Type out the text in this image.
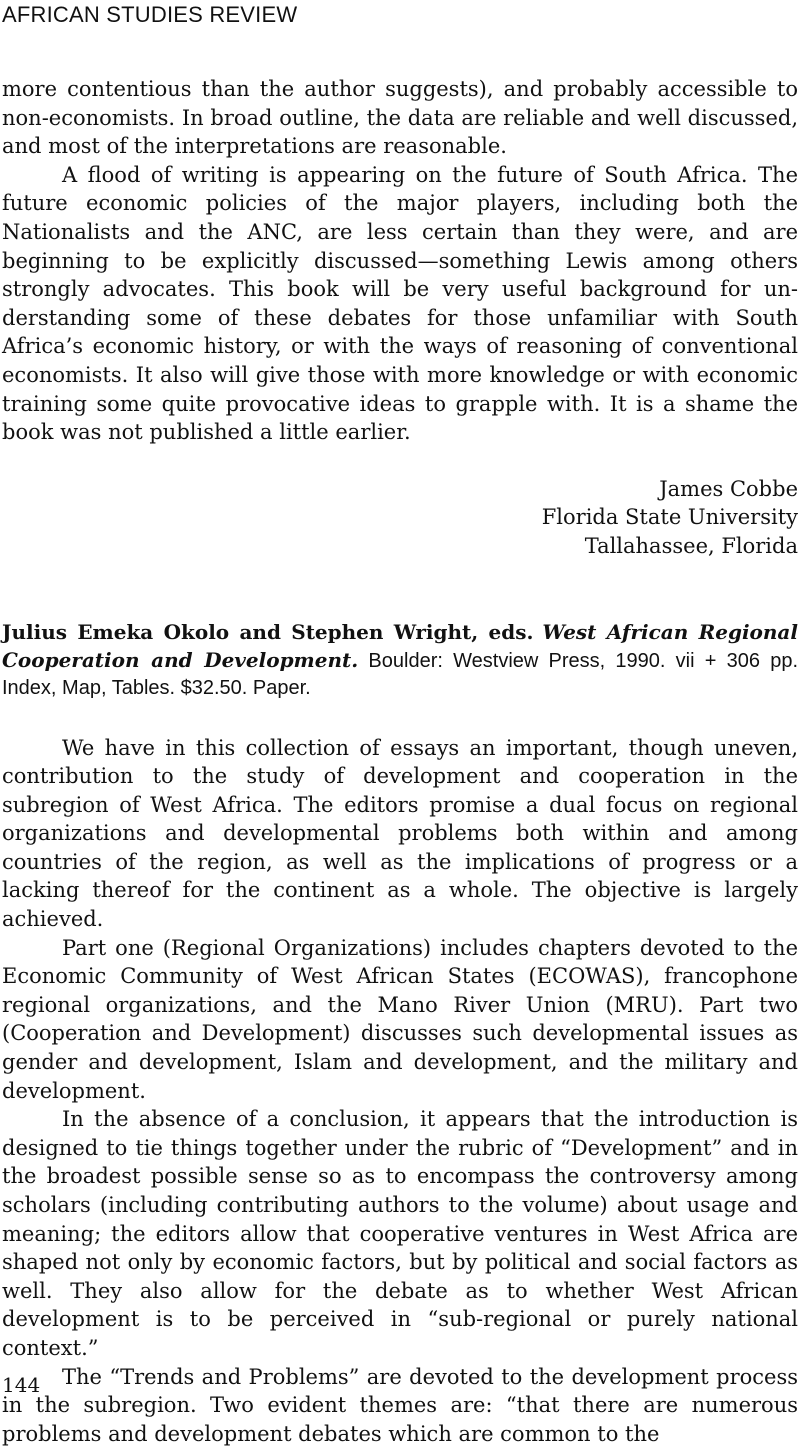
AFRICAN STUDIES REVIEW

more contentious than the author suggests), and probably accessible to non-economists. In broad outline, the data are reliable and well discussed, and most of the interpretations are reasonable.

A flood of writing is appearing on the future of South Africa. The future economic policies of the major players, including both the Nationalists and the ANC, are less certain than they were, and are beginning to be explicitly discussed—something Lewis among others strongly advocates. This book will be very useful background for understanding some of these debates for those unfamiliar with South Africa’s economic history, or with the ways of reasoning of conventional economists. It also will give those with more knowledge or with economic training some quite provocative ideas to grapple with. It is a shame the book was not published a little earlier.

James Cobbe
Florida State University
Tallahassee, Florida
Julius Emeka Okolo and Stephen Wright, eds. West African Regional Cooperation and Development. Boulder: Westview Press, 1990. vii + 306 pp. Index, Map, Tables. $32.50. Paper.

We have in this collection of essays an important, though uneven, contribution to the study of development and cooperation in the subregion of West Africa. The editors promise a dual focus on regional organizations and developmental problems both within and among countries of the region, as well as the implications of progress or a lacking thereof for the continent as a whole. The objective is largely achieved.

Part one (Regional Organizations) includes chapters devoted to the Economic Community of West African States (ECOWAS), francophone regional organizations, and the Mano River Union (MRU). Part two (Cooperation and Development) discusses such developmental issues as gender and development, Islam and development, and the military and development.

In the absence of a conclusion, it appears that the introduction is designed to tie things together under the rubric of “Development” and in the broadest possible sense so as to encompass the controversy among scholars (including contributing authors to the volume) about usage and meaning; the editors allow that cooperative ventures in West Africa are shaped not only by economic factors, but by political and social factors as well. They also allow for the debate as to whether West African development is to be perceived in “sub-regional or purely national context.”

The “Trends and Problems” are devoted to the development process in the subregion. Two evident themes are: “that there are numerous problems and development debates which are common to the

144
